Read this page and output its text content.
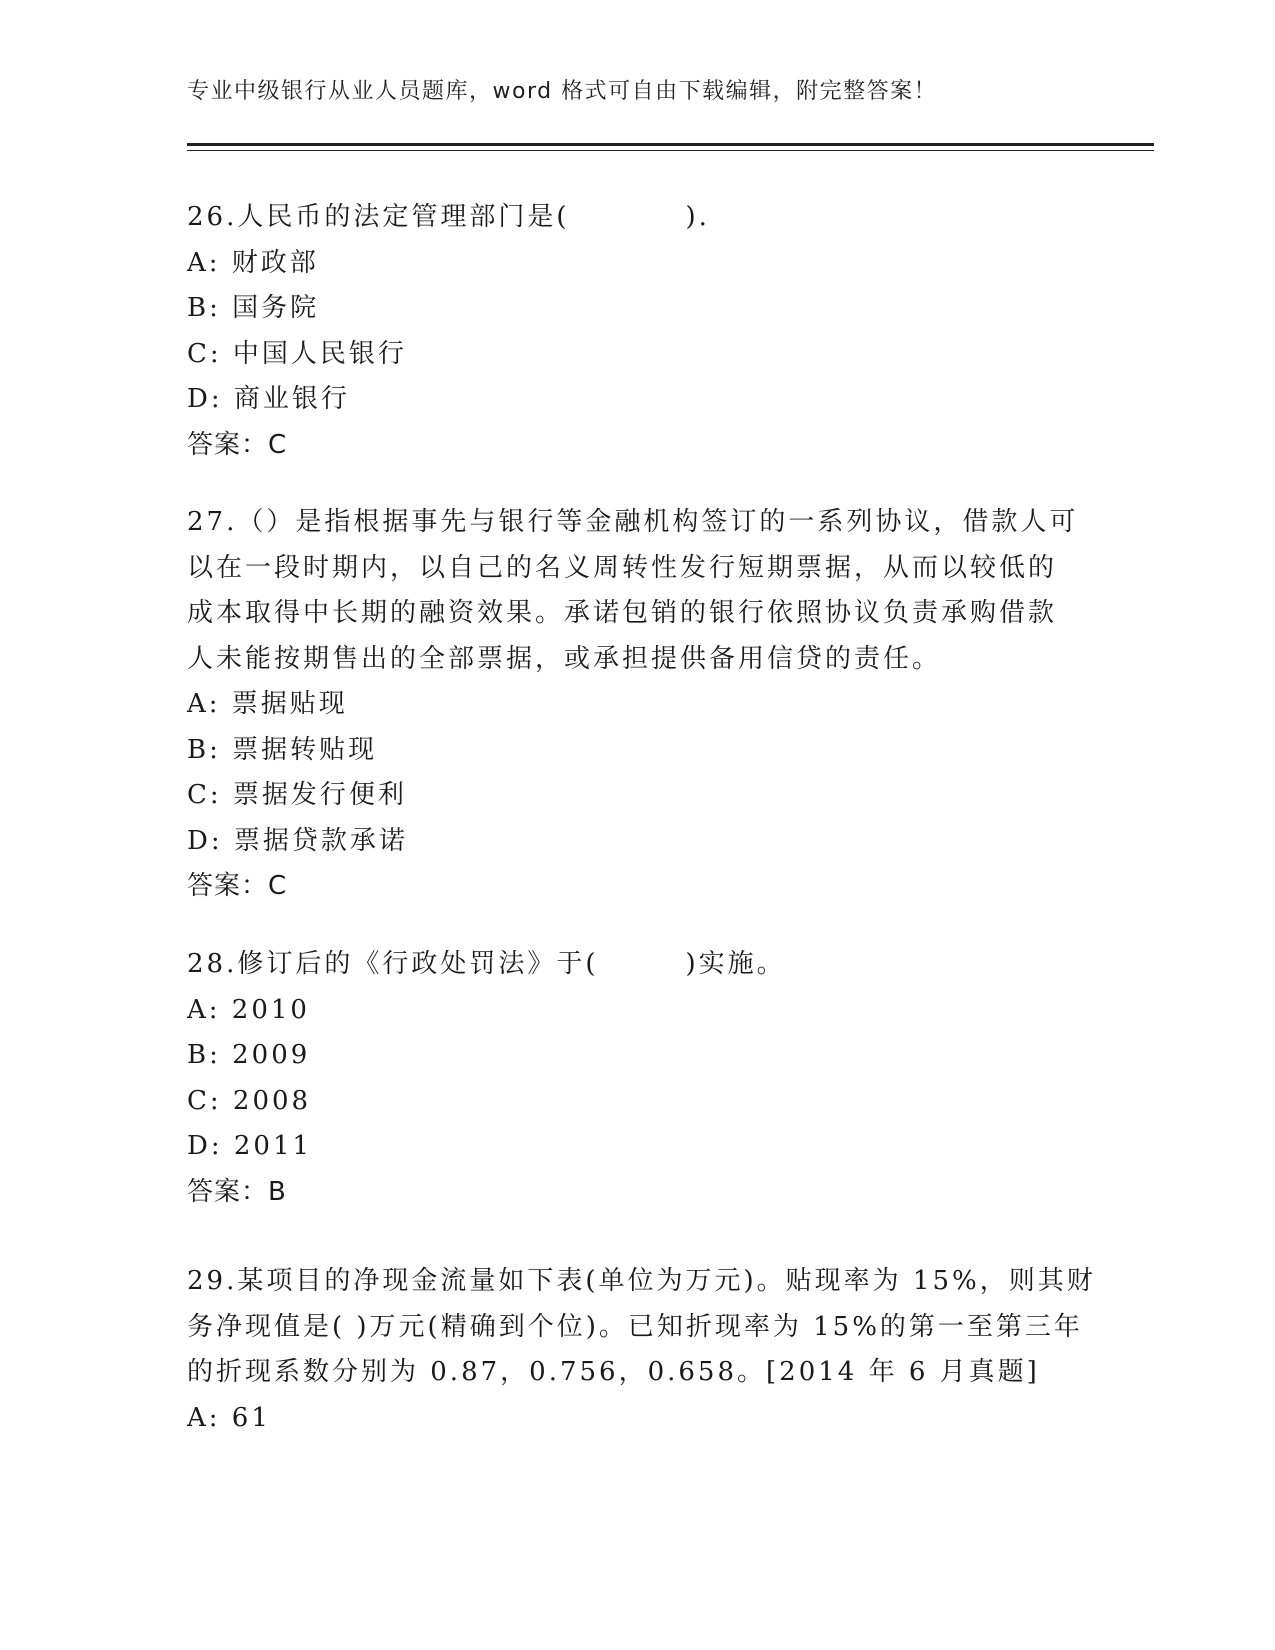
专业中级银行从业人员题库，word 格式可自由下载编辑，附完整答案！
26.人民币的法定管理部门是(　　　　).
A: 财政部
B: 国务院
C: 中国人民银行
D: 商业银行
答案：C
27.（）是指根据事先与银行等金融机构签订的一系列协议，借款人可
以在一段时期内，以自己的名义周转性发行短期票据，从而以较低的
成本取得中长期的融资效果。承诺包销的银行依照协议负责承购借款
人未能按期售出的全部票据，或承担提供备用信贷的责任。
A: 票据贴现
B: 票据转贴现
C: 票据发行便利
D: 票据贷款承诺
答案：C
28.修订后的《行政处罚法》于(　　　)实施。
A: 2010
B: 2009
C: 2008
D: 2011
答案：B
29.某项目的净现金流量如下表(单位为万元)。贴现率为 15%，则其财
务净现值是( )万元(精确到个位)。已知折现率为 15%的第一至第三年
的折现系数分别为 0.87，0.756，0.658。[2014 年 6 月真题]
A: 61
